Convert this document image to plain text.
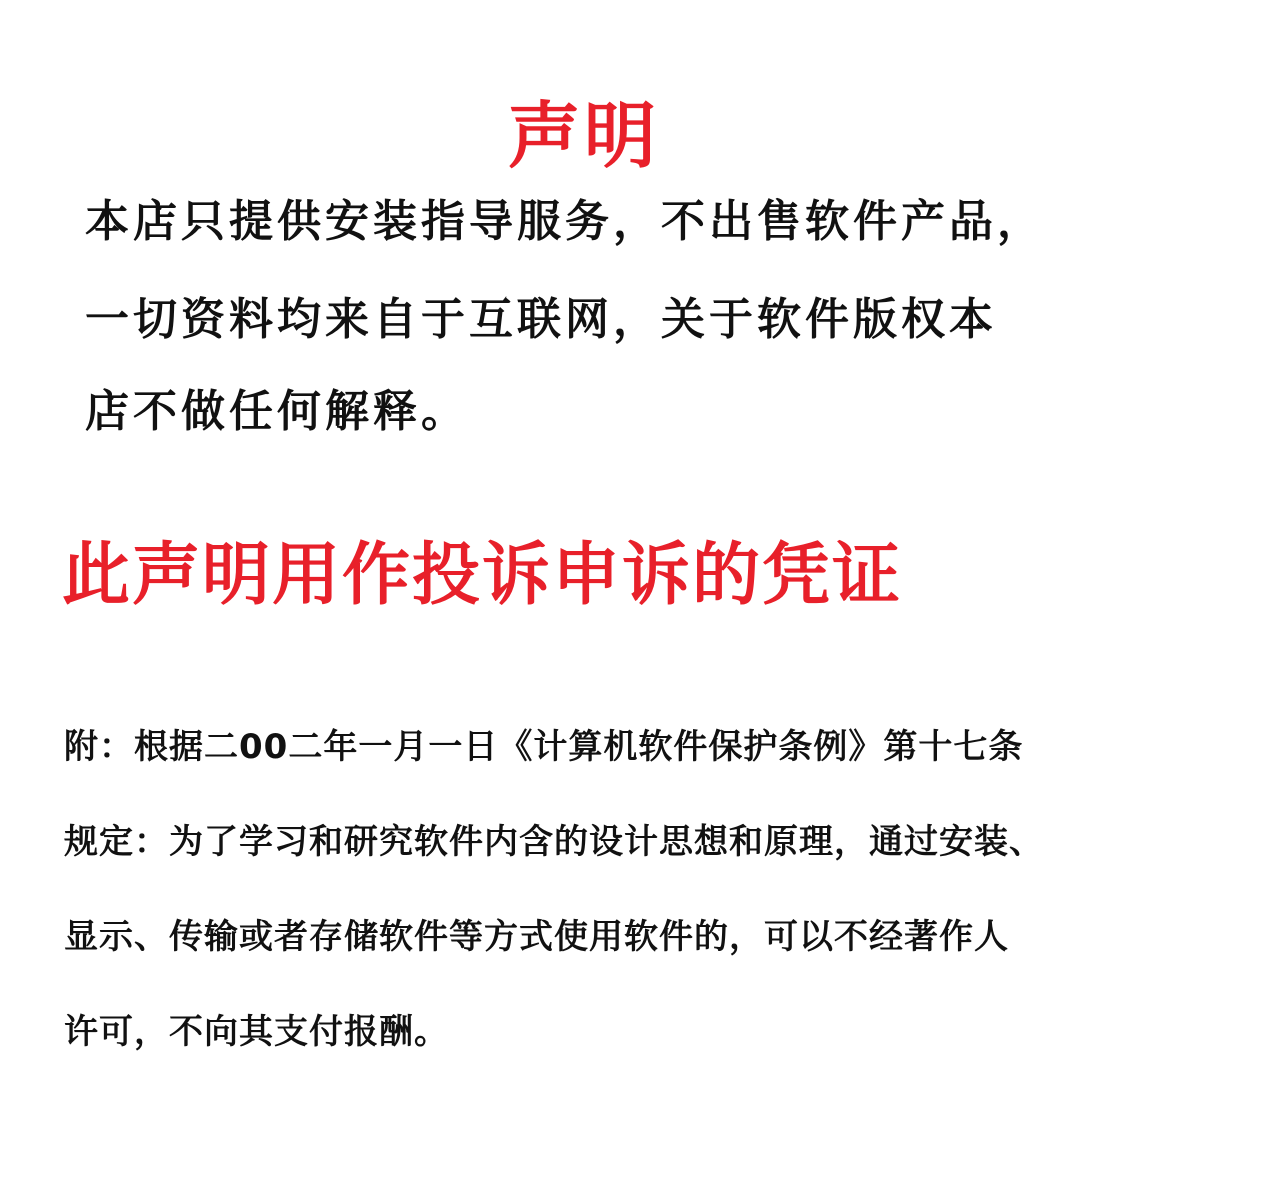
声明
本店只提供安装指导服务，不出售软件产品，
一切资料均来自于互联网，关于软件版权本
店不做任何解释。
此声明用作投诉申诉的凭证
附：根据二00二年一月一日《计算机软件保护条例》第十七条
规定：为了学习和研究软件内含的设计思想和原理，通过安装、
显示、传输或者存储软件等方式使用软件的，可以不经著作人
许可，不向其支付报酬。
